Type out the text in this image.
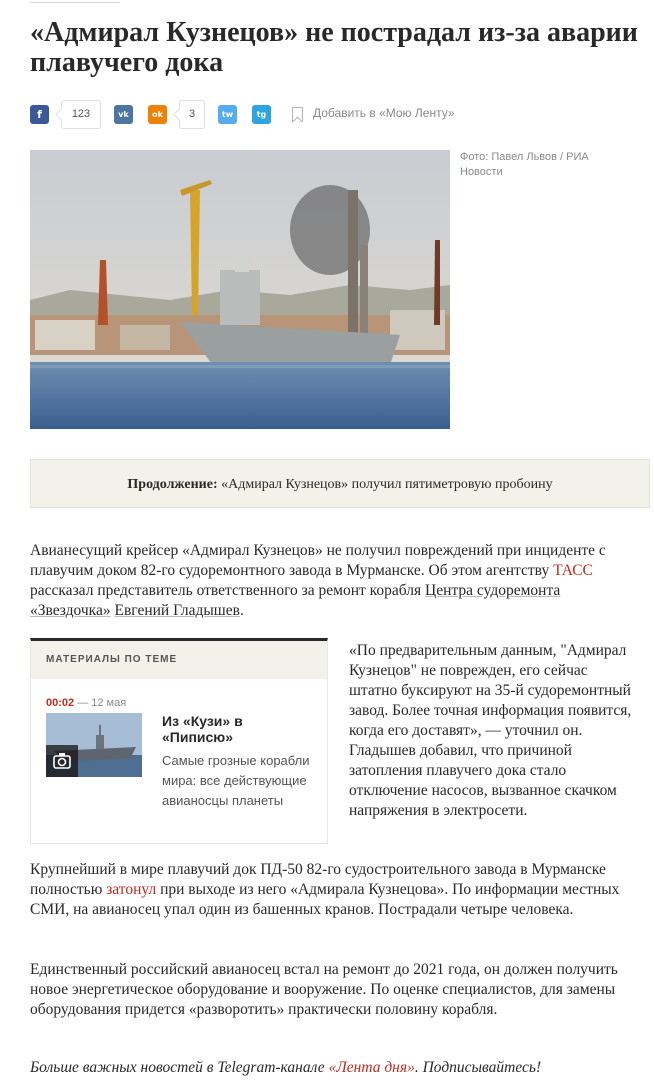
«Адмирал Кузнецов» не пострадал из-за аварии плавучего дока
f	123	vk	ok	3	tw	tg	Добавить в «Мою Ленту»
Фото: Павел Львов / РИА Новости
Продолжение: «Адмирал Кузнецов» получил пятиметровую пробоину

Авианесущий крейсер «Адмирал Кузнецов» не получил повреждений при инциденте с плавучим доком 82-го судоремонтного завода в Мурманске. Об этом агентству ТАСС рассказал представитель ответственного за ремонт корабля Центра судоремонта «Звездочка» Евгений Гладышев.

МАТЕРИАЛЫ ПО ТЕМЕ
00:02 — 12 мая
Из «Кузи» в «Пиписю»
Самые грозные корабли мира: все действующие авианосцы планеты

«По предварительным данным, "Адмирал Кузнецов" не поврежден, его сейчас штатно буксируют на 35-й судоремонтный завод. Более точная информация появится, когда его доставят», — уточнил он. Гладышев добавил, что причиной затопления плавучего дока стало отключение насосов, вызванное скачком напряжения в электросети.

Крупнейший в мире плавучий док ПД-50 82-го судостроительного завода в Мурманске полностью затонул при выходе из него «Адмирала Кузнецова». По информации местных СМИ, на авианосец упал один из башенных кранов. Пострадали четыре человека.

Единственный российский авианосец встал на ремонт до 2021 года, он должен получить новое энергетическое оборудование и вооружение. По оценке специалистов, для замены оборудования придется «разворотить» практически половину корабля.

Больше важных новостей в Telegram-канале «Лента дня». Подписывайтесь!
